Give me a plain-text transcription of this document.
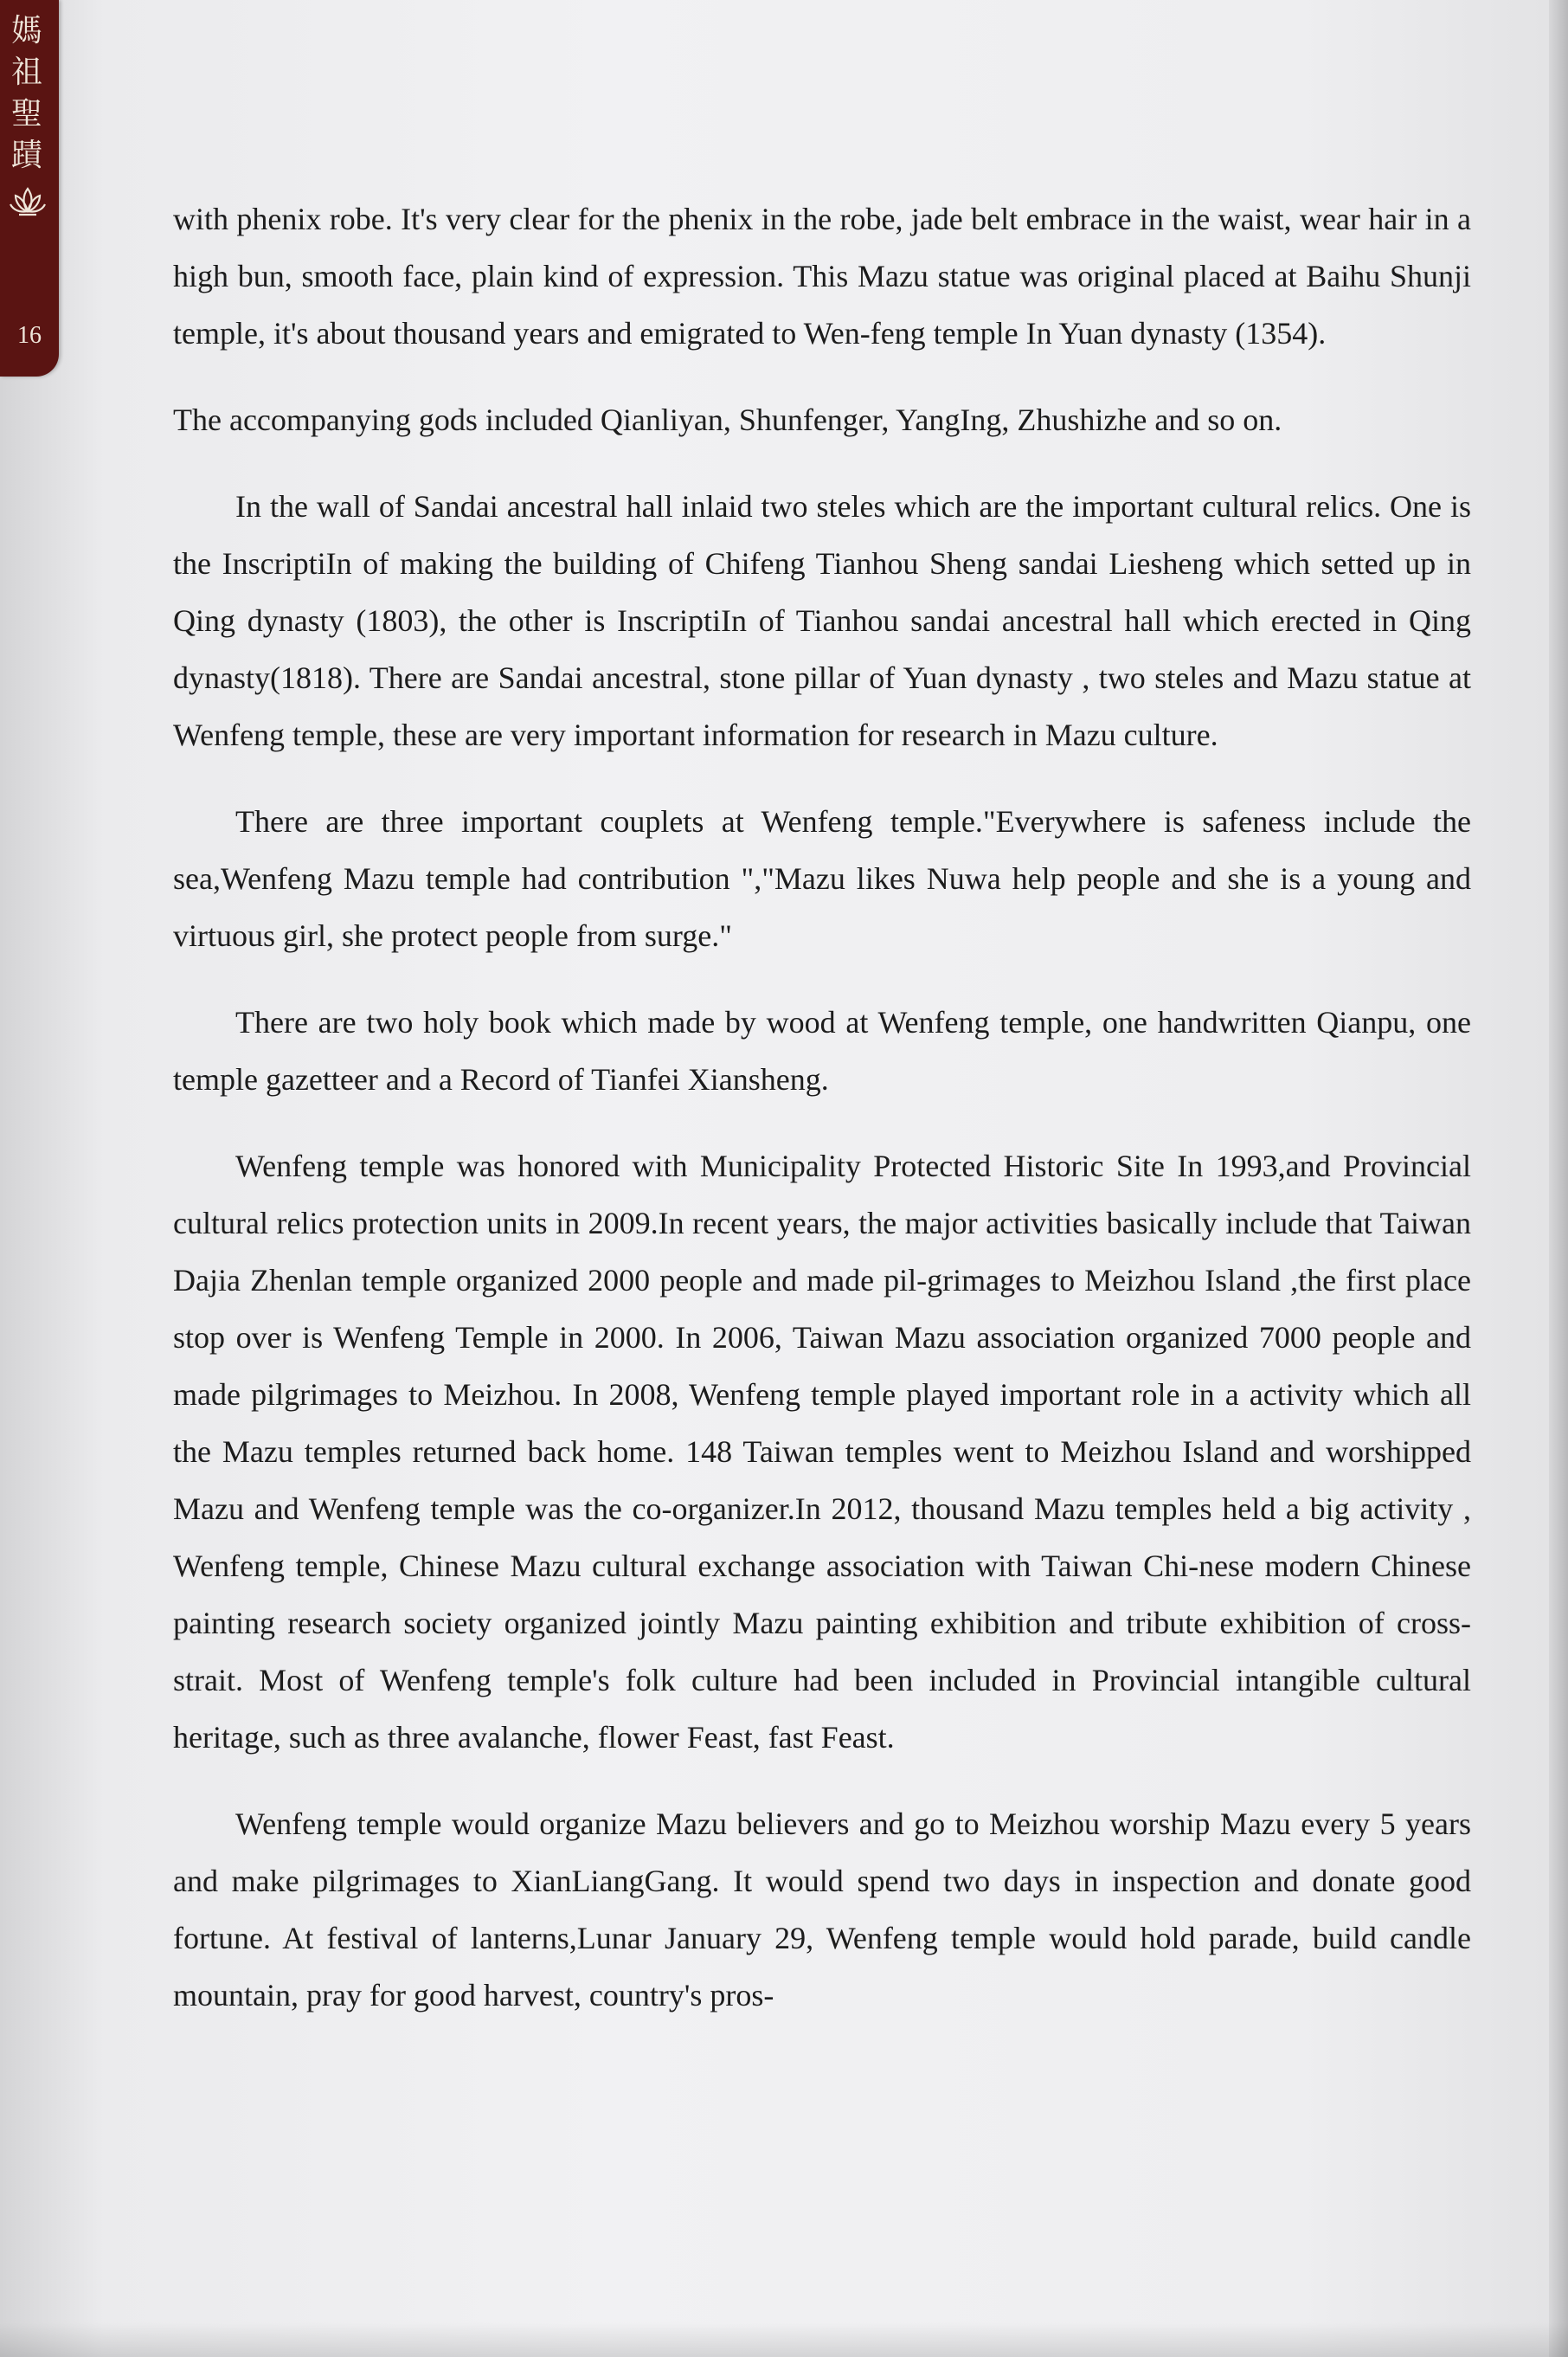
媽
祖
聖
蹟
16

with phenix robe. It's very clear for the phenix in the robe, jade belt embrace in the waist, wear hair in a high bun, smooth face, plain kind of expression. This Mazu statue was original placed at Baihu Shunji temple, it's about thousand years and emigrated to Wen-feng temple In Yuan dynasty (1354).

The accompanying gods included Qianliyan, Shunfenger, YangIng, Zhushizhe and so on.

In the wall of Sandai ancestral hall inlaid two steles which are the important cultural relics. One is the InscriptiIn of making the building of Chifeng Tianhou Sheng sandai Liesheng which setted up in Qing dynasty (1803), the other is InscriptiIn of Tianhou sandai ancestral hall which erected in Qing dynasty(1818). There are Sandai ancestral, stone pillar of Yuan dynasty , two steles and Mazu statue at Wenfeng temple, these are very important information for research in Mazu culture.

There are three important couplets at Wenfeng temple."Everywhere is safeness include the sea,Wenfeng Mazu temple had contribution ","Mazu likes Nuwa help people and she is a young and virtuous girl, she protect people from surge."

There are two holy book which made by wood at Wenfeng temple, one handwritten Qianpu, one temple gazetteer and a Record of Tianfei Xiansheng.

Wenfeng temple was honored with Municipality Protected Historic Site In 1993,and Provincial cultural relics protection units in 2009.In recent years, the major activities basically include that Taiwan Dajia Zhenlan temple organized 2000 people and made pil-grimages to Meizhou Island ,the first place stop over is Wenfeng Temple in 2000. In 2006, Taiwan Mazu association organized 7000 people and made pilgrimages to Meizhou. In 2008, Wenfeng temple played important role in a activity which all the Mazu temples returned back home. 148 Taiwan temples went to Meizhou Island and worshipped Mazu and Wenfeng temple was the co-organizer.In 2012, thousand Mazu temples held a big activity , Wenfeng temple, Chinese Mazu cultural exchange association with Taiwan Chi-nese modern Chinese painting research society organized jointly Mazu painting exhibition and tribute exhibition of cross-strait. Most of Wenfeng temple's folk culture had been included in Provincial intangible cultural heritage, such as three avalanche, flower Feast, fast Feast.

Wenfeng temple would organize Mazu believers and go to Meizhou worship Mazu every 5 years and make pilgrimages to XianLiangGang. It would spend two days in inspection and donate good fortune. At festival of lanterns,Lunar January 29, Wenfeng temple would hold parade, build candle mountain, pray for good harvest, country's pros-
